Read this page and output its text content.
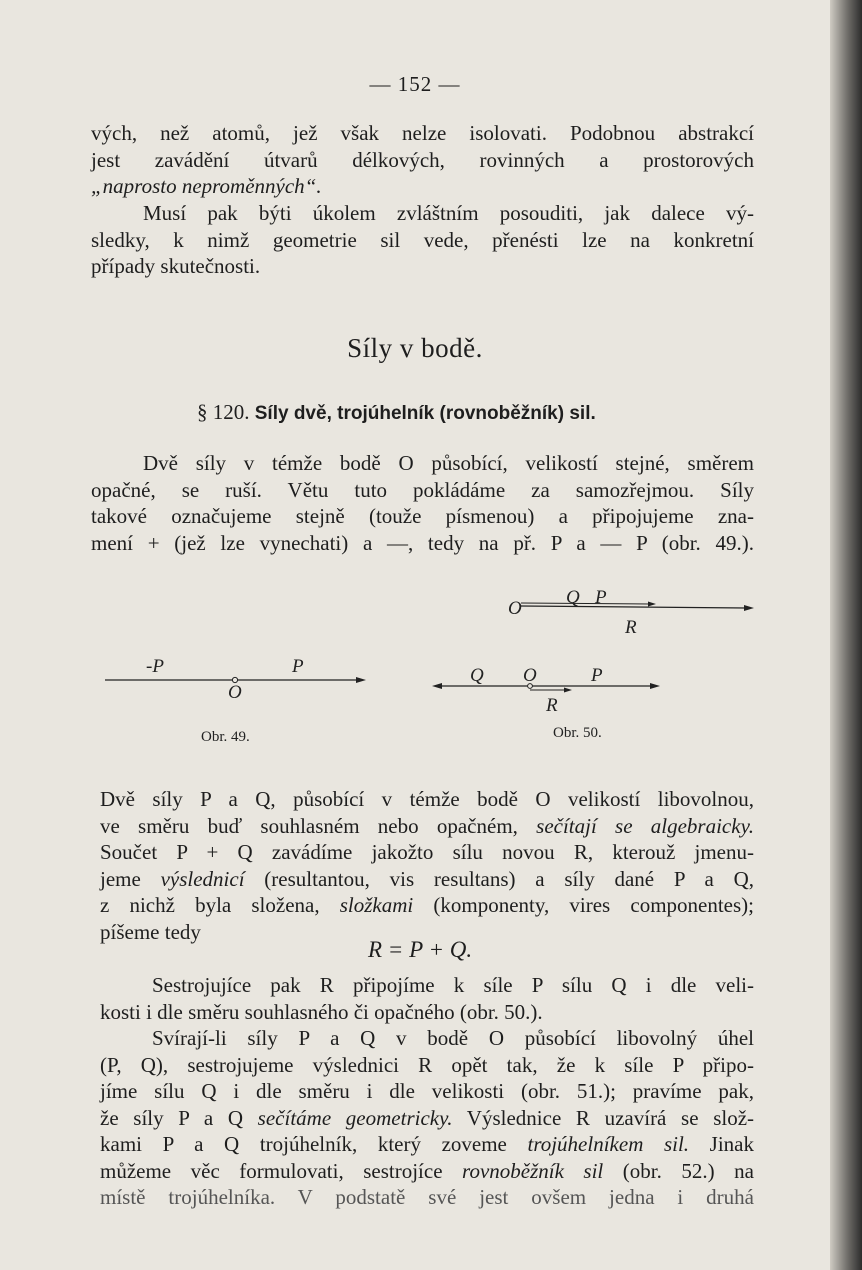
— 152 —
vých, než atomů, jež však nelze isolovati. Podobnou abstrakcí
jest zavádění útvarů délkových, rovinných a prostorových
„naprosto neproměnných“.
Musí pak býti úkolem zvláštním posouditi, jak dalece vý-
sledky, k nimž geometrie sil vede, přenésti lze na konkretní
případy skutečnosti.
Síly v bodě.
§ 120. Síly dvě, trojúhelník (rovnoběžník) sil.
Dvě síly v témže bodě O působící, velikostí stejné, směrem
opačné, se ruší. Větu tuto pokládáme za samozřejmou. Síly
takové označujeme stejně (touže písmenou) a připojujeme zna-
mení + (jež lze vynechati) a —, tedy na př. P a — P (obr. 49.).
-P	P
O
Obr. 49.
O
Q P
R
Q O	P
R
Obr. 50.
Dvě síly P a Q, působící v témže bodě O velikostí libovolnou,
ve směru buď souhlasném nebo opačném, sečítají se algebraicky.
Součet P + Q zavádíme jakožto sílu novou R, kterouž jmenu-
jeme výslednicí (resultantou, vis resultans) a síly dané P a Q,
z nichž byla složena, složkami (komponenty, vires componentes);
píšeme tedy
R = P + Q.
Sestrojujíce pak R připojíme k síle P sílu Q i dle veli-
kosti i dle směru souhlasného či opačného (obr. 50.).
Svírají-li síly P a Q v bodě O působící libovolný úhel
(P, Q), sestrojujeme výslednici R opět tak, že k síle P připo-
jíme sílu Q i dle směru i dle velikosti (obr. 51.); pravíme pak,
že síly P a Q sečítáme geometricky. Výslednice R uzavírá se slož-
kami P a Q trojúhelník, který zoveme trojúhelníkem sil. Jinak
můžeme věc formulovati, sestrojíce rovnoběžník sil (obr. 52.) na
místě trojúhelníka. V podstatě své jest ovšem jedna i druhá
